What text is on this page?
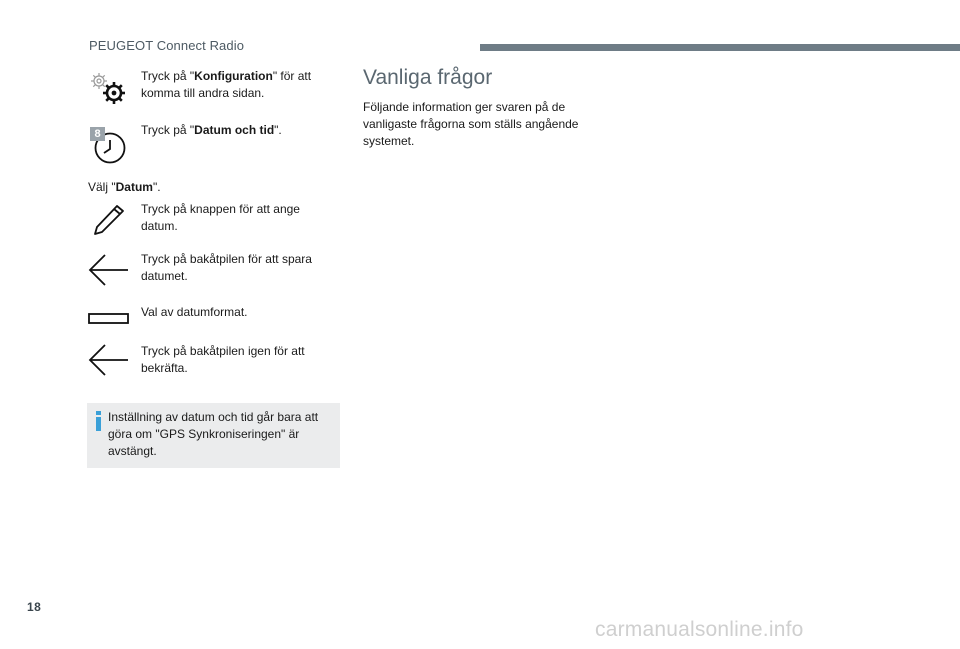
PEUGEOT Connect Radio

Tryck på "Konfiguration" för att komma till andra sidan.

8	Tryck på "Datum och tid".

Välj "Datum".

Tryck på knappen för att ange datum.

Tryck på bakåtpilen för att spara datumet.

Val av datumformat.

Tryck på bakåtpilen igen för att bekräfta.

Inställning av datum och tid går bara att göra om "GPS Synkroniseringen" är avstängt.

Vanliga frågor

Följande information ger svaren på de vanligaste frågorna som ställs angående systemet.

18
carmanualsonline.info
